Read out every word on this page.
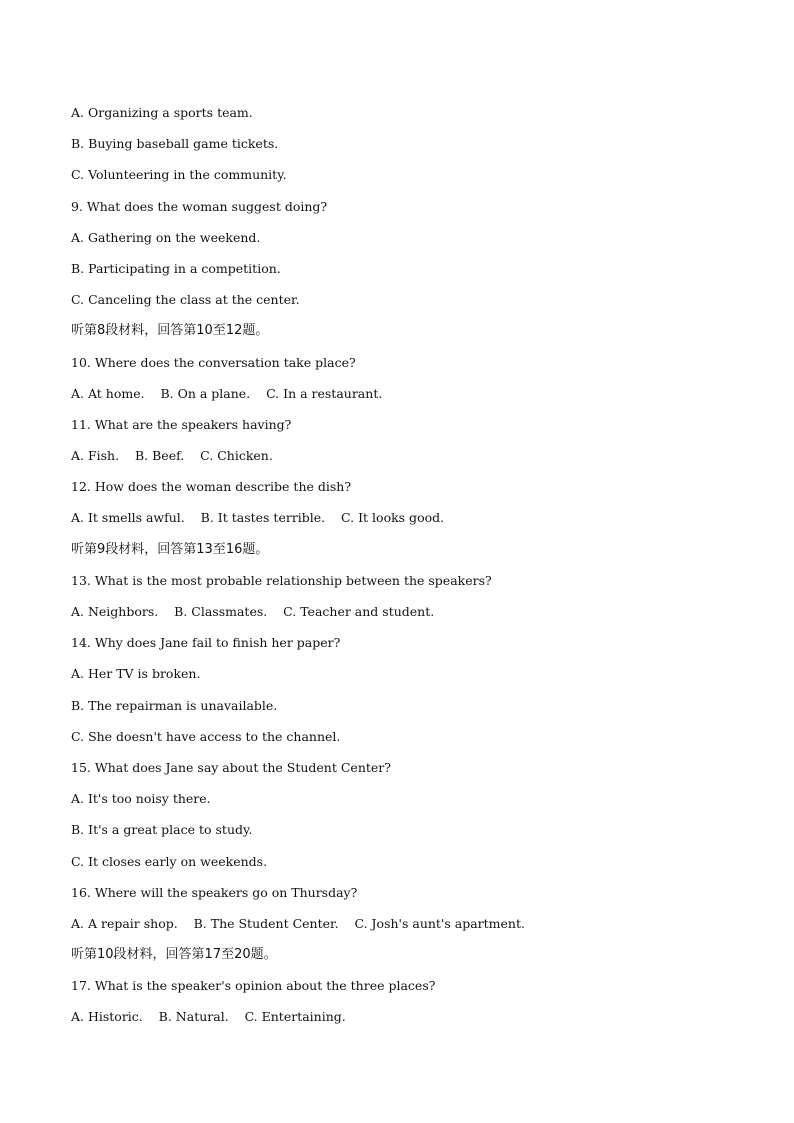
A. Organizing a sports team.
B. Buying baseball game tickets.
C. Volunteering in the community.
9. What does the woman suggest doing?
A. Gathering on the weekend.
B. Participating in a competition.
C. Canceling the class at the center.
听第8段材料，回答第10至12题。
10. Where does the conversation take place?
A. At home.    B. On a plane.    C. In a restaurant.
11. What are the speakers having?
A. Fish.    B. Beef.    C. Chicken.
12. How does the woman describe the dish?
A. It smells awful.    B. It tastes terrible.    C. It looks good.
听第9段材料，回答第13至16题。
13. What is the most probable relationship between the speakers?
A. Neighbors.    B. Classmates.    C. Teacher and student.
14. Why does Jane fail to finish her paper?
A. Her TV is broken.
B. The repairman is unavailable.
C. She doesn't have access to the channel.
15. What does Jane say about the Student Center?
A. It's too noisy there.
B. It's a great place to study.
C. It closes early on weekends.
16. Where will the speakers go on Thursday?
A. A repair shop.    B. The Student Center.    C. Josh's aunt's apartment.
听第10段材料，回答第17至20题。
17. What is the speaker's opinion about the three places?
A. Historic.    B. Natural.    C. Entertaining.
